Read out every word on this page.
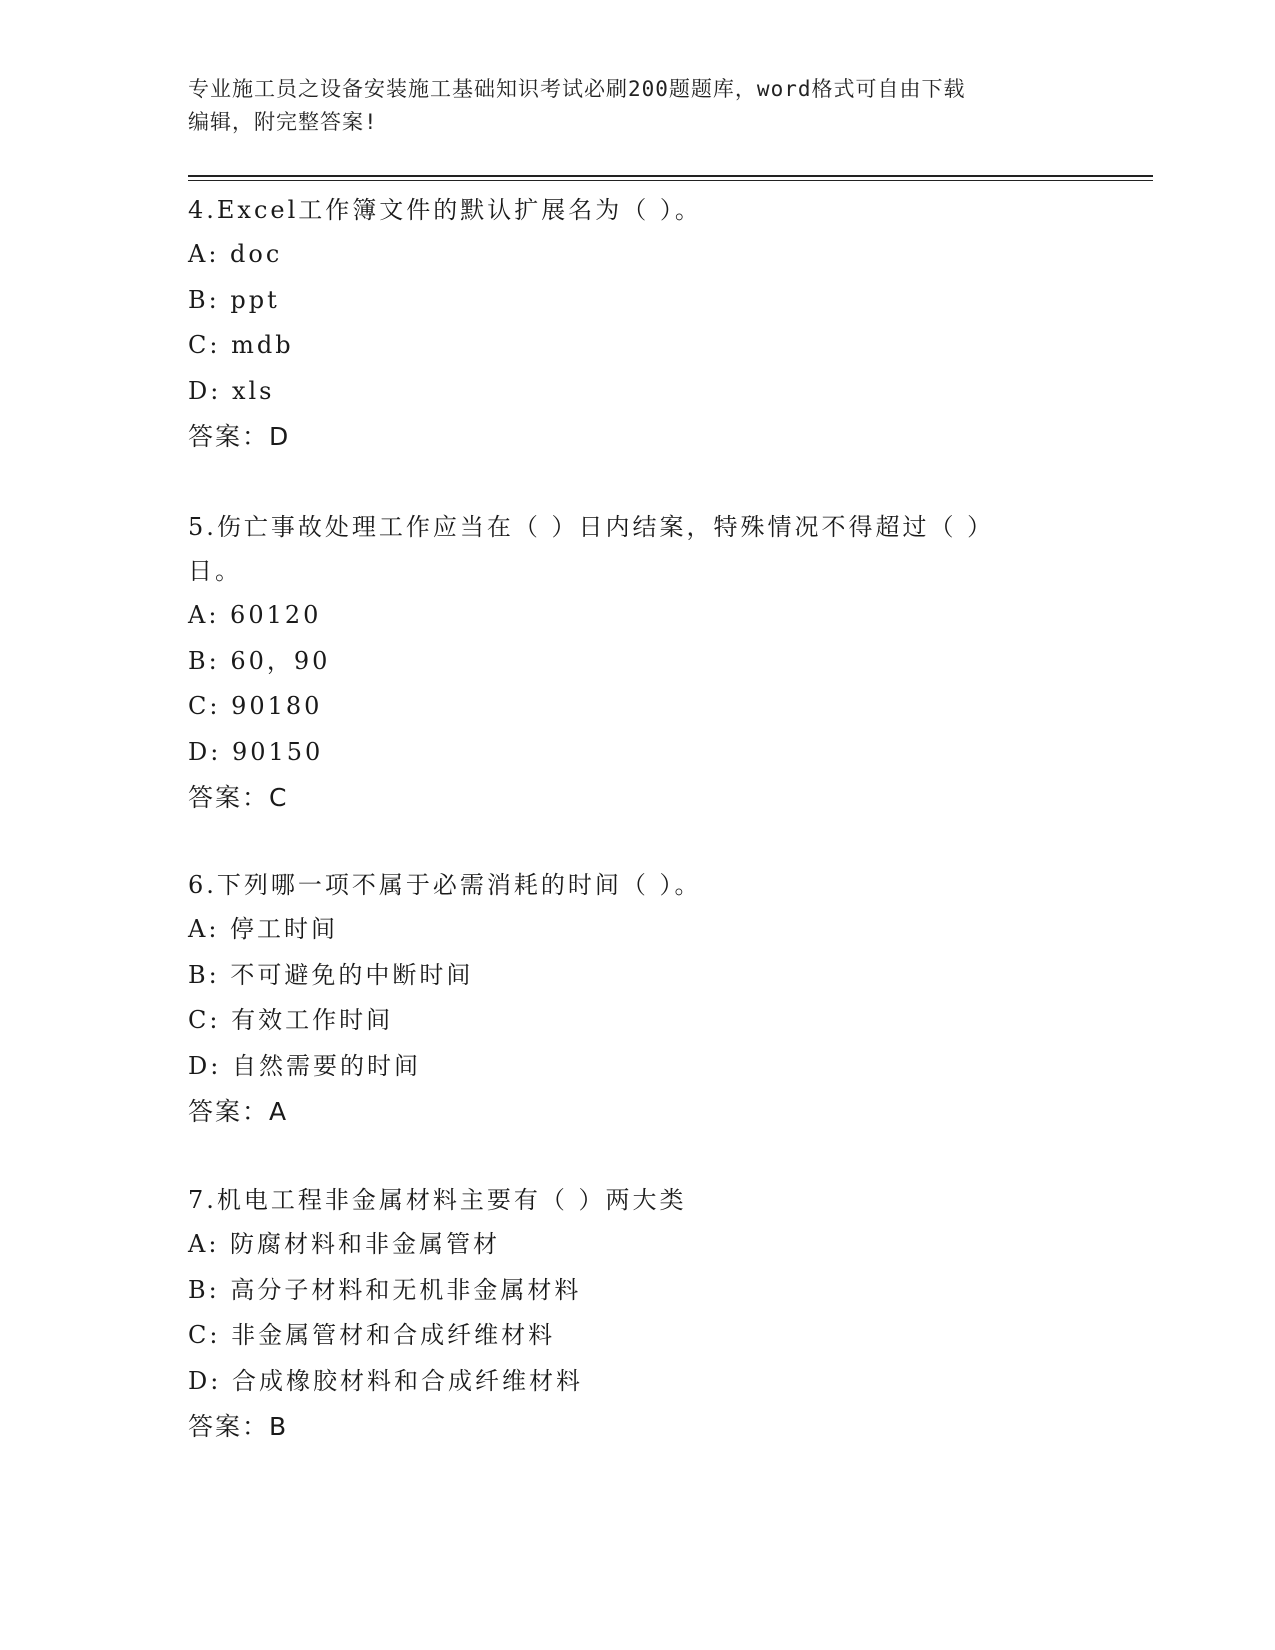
专业施工员之设备安装施工基础知识考试必刷200题题库，word格式可自由下载

编辑，附完整答案!

4.Excel工作簿文件的默认扩展名为（ ）。

A: doc

B: ppt

C: mdb

D: xls

答案：D

5.伤亡事故处理工作应当在（ ）日内结案，特殊情况不得超过（ ）日。

A: 60120

B: 60，90

C: 90180

D: 90150

答案：C

6.下列哪一项不属于必需消耗的时间（ ）。

A: 停工时间

B: 不可避免的中断时间

C: 有效工作时间

D: 自然需要的时间

答案：A

7.机电工程非金属材料主要有（ ）两大类

A: 防腐材料和非金属管材

B: 高分子材料和无机非金属材料

C: 非金属管材和合成纤维材料

D: 合成橡胶材料和合成纤维材料

答案：B
